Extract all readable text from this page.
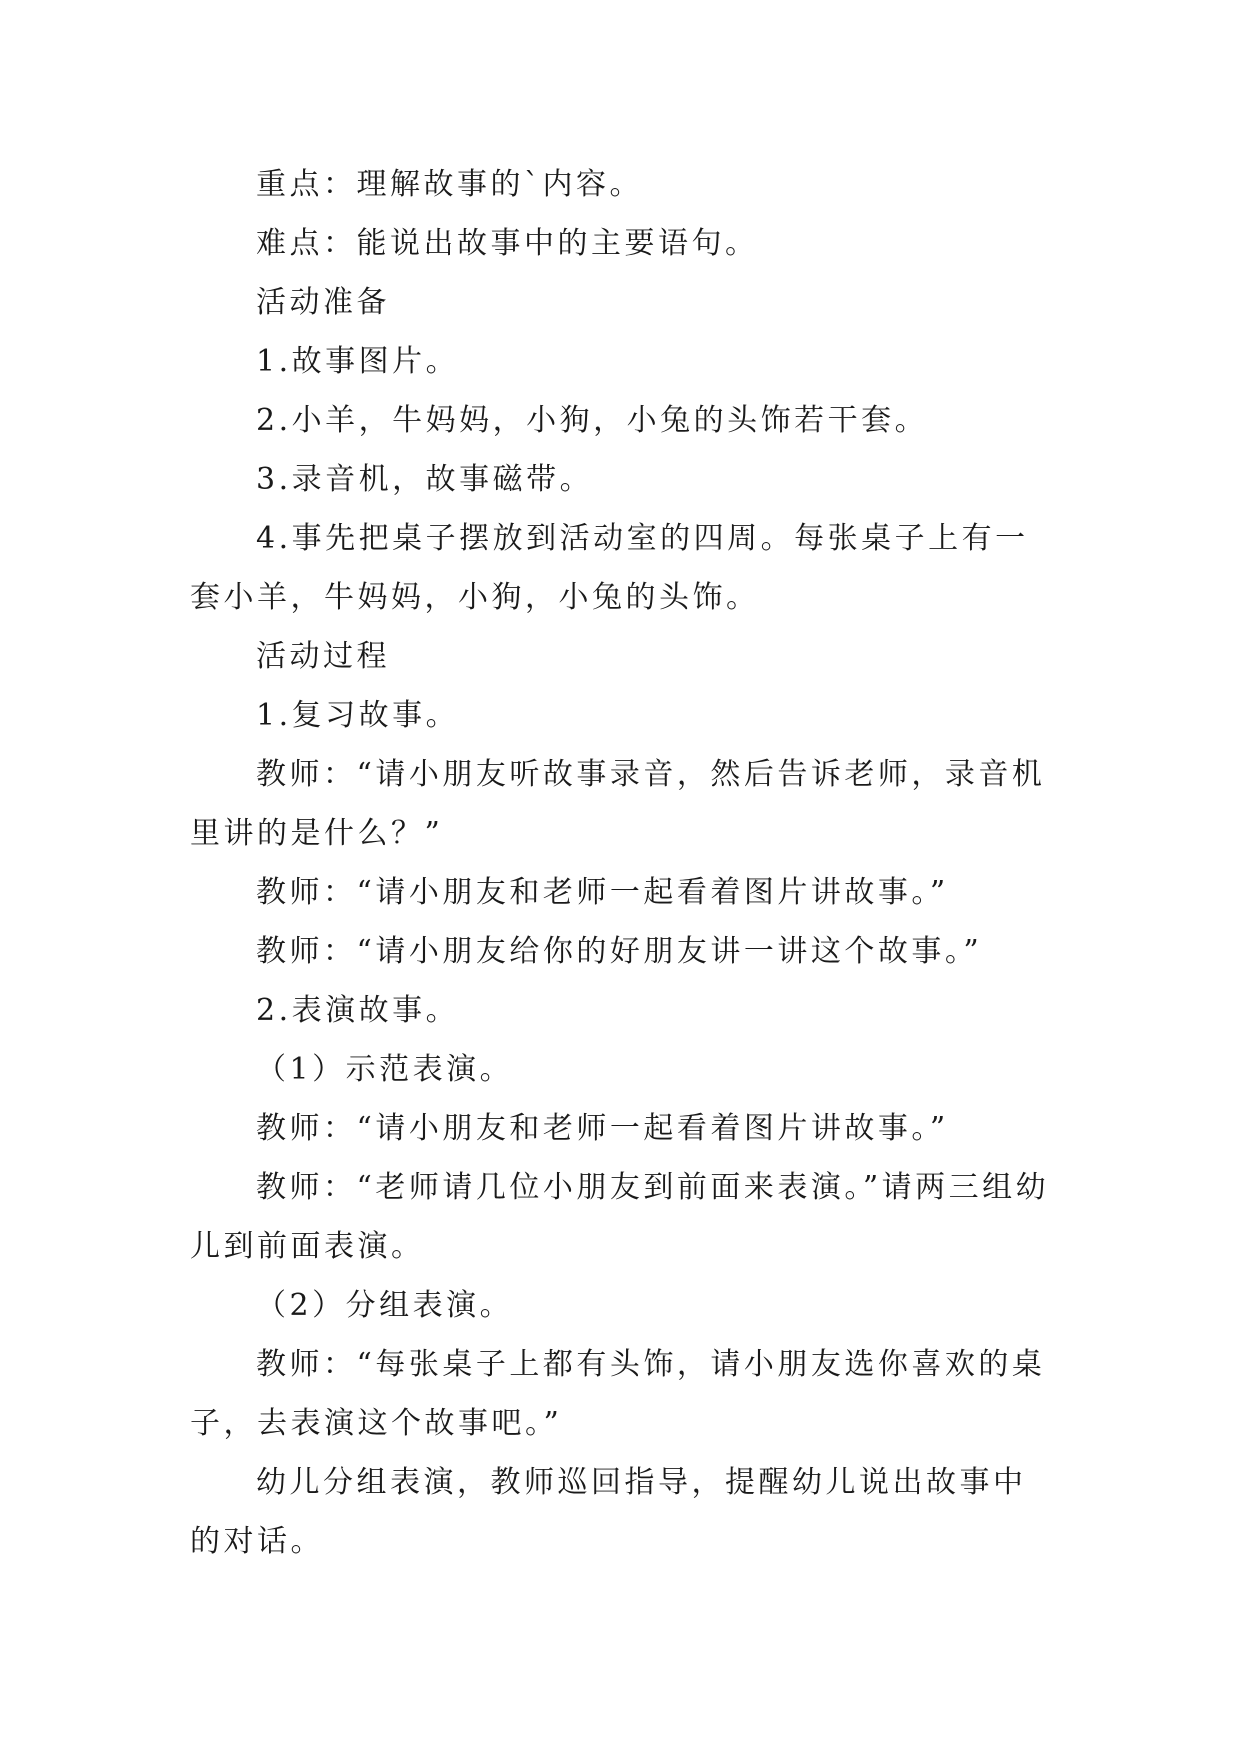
重点：理解故事的`内容。

难点：能说出故事中的主要语句。

活动准备

1.故事图片。

2.小羊，牛妈妈，小狗，小兔的头饰若干套。

3.录音机，故事磁带。

4.事先把桌子摆放到活动室的四周。每张桌子上有一套小羊，牛妈妈，小狗，小兔的头饰。

活动过程

1.复习故事。

教师：“请小朋友听故事录音，然后告诉老师，录音机里讲的是什么？”

教师：“请小朋友和老师一起看着图片讲故事。”

教师：“请小朋友给你的好朋友讲一讲这个故事。”

2.表演故事。

（1）示范表演。

教师：“请小朋友和老师一起看着图片讲故事。”

教师：“老师请几位小朋友到前面来表演。”请两三组幼儿到前面表演。

（2）分组表演。

教师：“每张桌子上都有头饰，请小朋友选你喜欢的桌子，去表演这个故事吧。”

幼儿分组表演，教师巡回指导，提醒幼儿说出故事中的对话。
